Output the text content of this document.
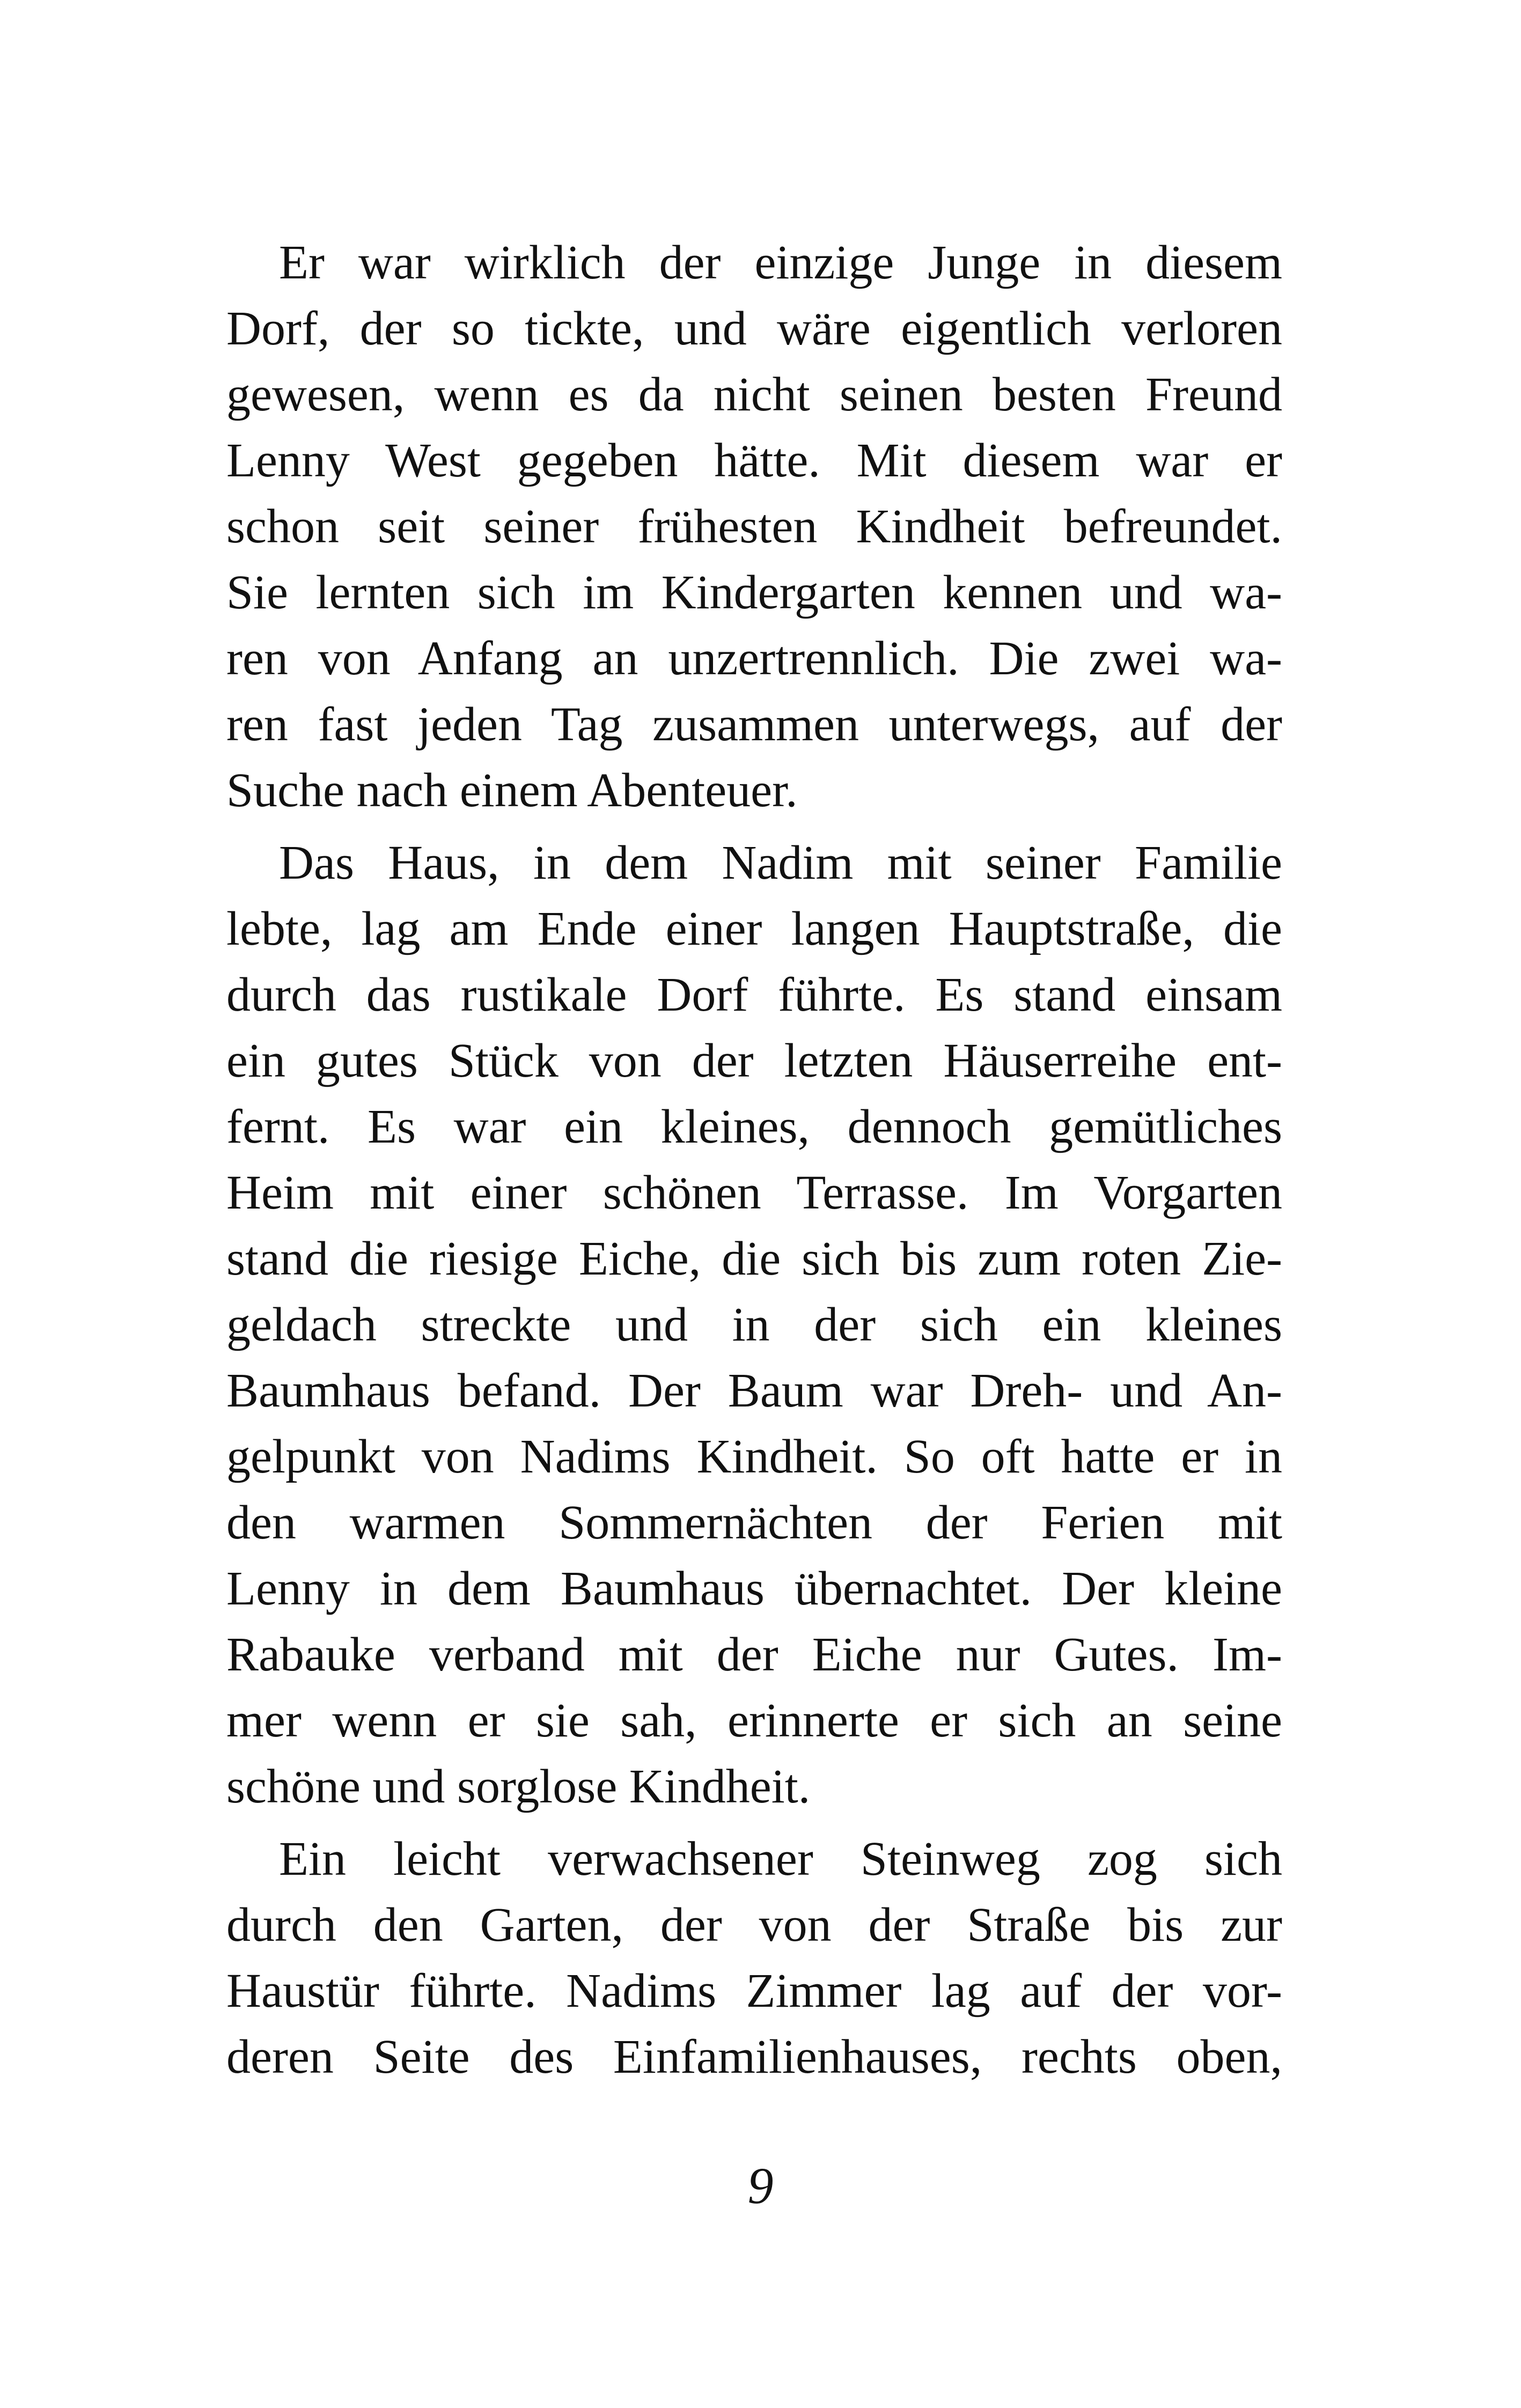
Er war wirklich der einzige Junge in diesem
Dorf, der so tickte, und wäre eigentlich verloren
gewesen, wenn es da nicht seinen besten Freund
Lenny West gegeben hätte. Mit diesem war er
schon seit seiner frühesten Kindheit befreundet.
Sie lernten sich im Kindergarten kennen und wa-
ren von Anfang an unzertrennlich. Die zwei wa-
ren fast jeden Tag zusammen unterwegs, auf der
Suche nach einem Abenteuer.
Das Haus, in dem Nadim mit seiner Familie
lebte, lag am Ende einer langen Hauptstraße, die
durch das rustikale Dorf führte. Es stand einsam
ein gutes Stück von der letzten Häuserreihe ent-
fernt. Es war ein kleines, dennoch gemütliches
Heim mit einer schönen Terrasse. Im Vorgarten
stand die riesige Eiche, die sich bis zum roten Zie-
geldach streckte und in der sich ein kleines
Baumhaus befand. Der Baum war Dreh- und An-
gelpunkt von Nadims Kindheit. So oft hatte er in
den warmen Sommernächten der Ferien mit
Lenny in dem Baumhaus übernachtet. Der kleine
Rabauke verband mit der Eiche nur Gutes. Im-
mer wenn er sie sah, erinnerte er sich an seine
schöne und sorglose Kindheit.
Ein leicht verwachsener Steinweg zog sich
durch den Garten, der von der Straße bis zur
Haustür führte. Nadims Zimmer lag auf der vor-
deren Seite des Einfamilienhauses, rechts oben,
9
